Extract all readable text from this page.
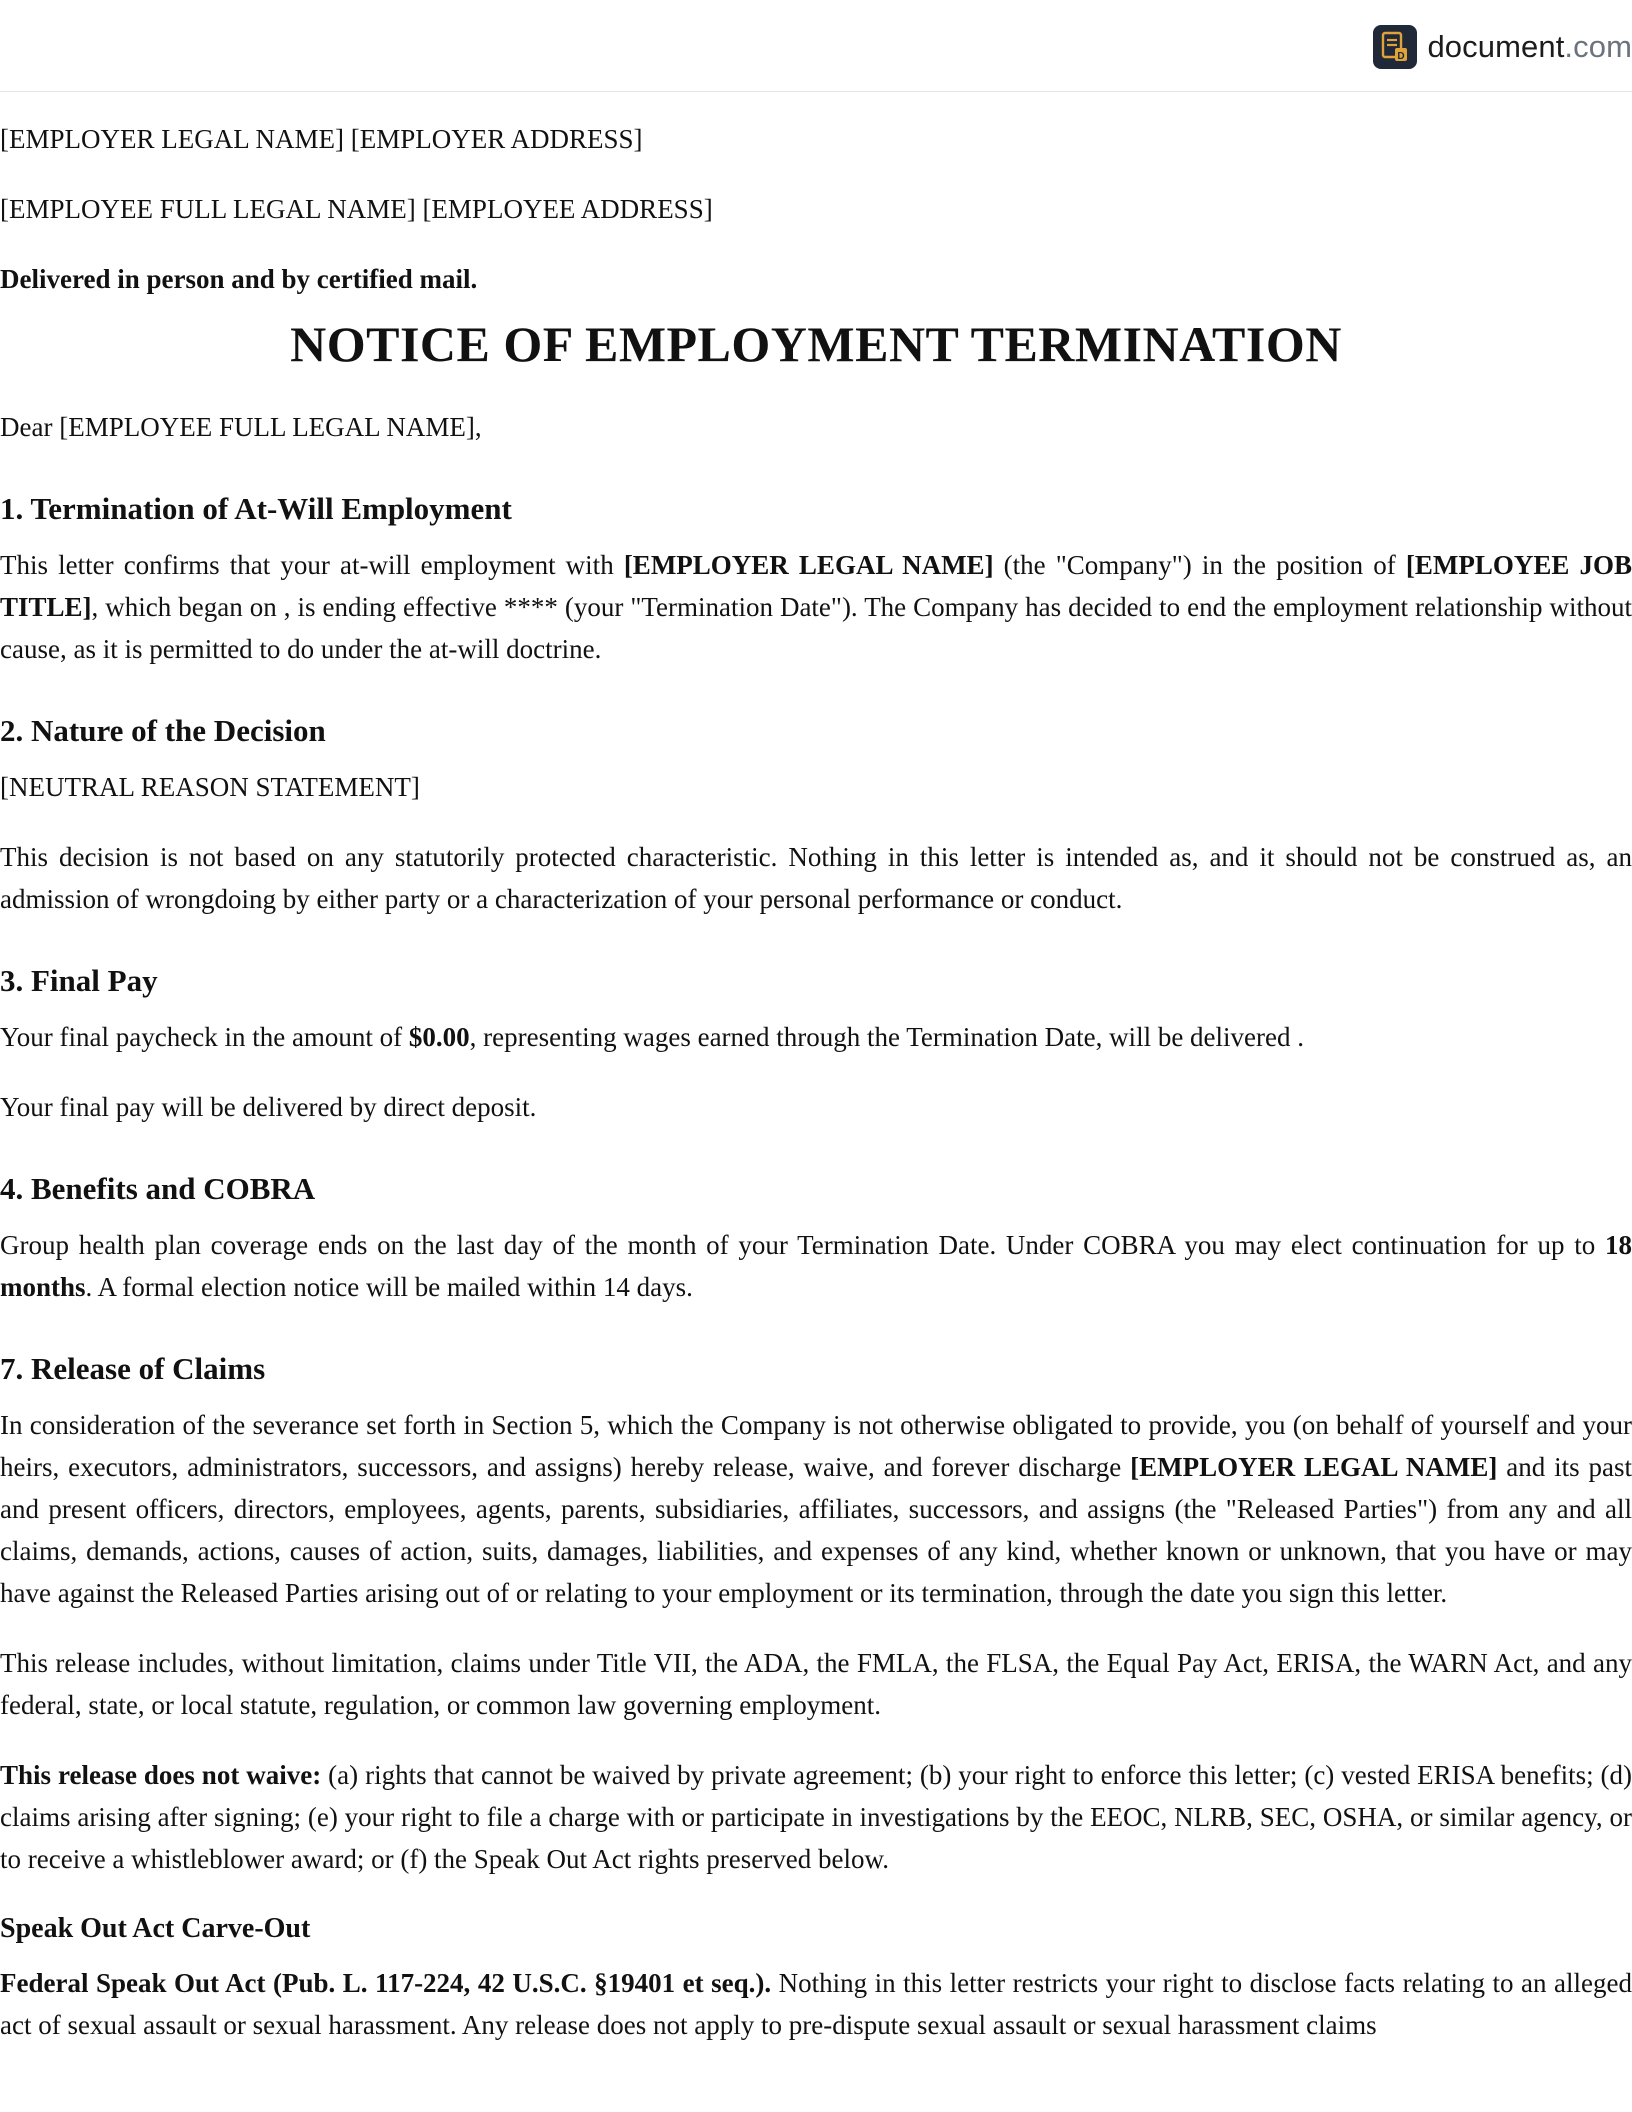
D document.com

[EMPLOYER LEGAL NAME] [EMPLOYER ADDRESS]

[EMPLOYEE FULL LEGAL NAME] [EMPLOYEE ADDRESS]

Delivered in person and by certified mail.

NOTICE OF EMPLOYMENT TERMINATION

Dear [EMPLOYEE FULL LEGAL NAME],

1. Termination of At-Will Employment

This letter confirms that your at-will employment with [EMPLOYER LEGAL NAME] (the "Company") in the position of [EMPLOYEE JOB TITLE], which began on , is ending effective **** (your "Termination Date"). The Company has decided to end the employment relationship without cause, as it is permitted to do under the at-will doctrine.

2. Nature of the Decision

[NEUTRAL REASON STATEMENT]

This decision is not based on any statutorily protected characteristic. Nothing in this letter is intended as, and it should not be construed as, an admission of wrongdoing by either party or a characterization of your personal performance or conduct.

3. Final Pay

Your final paycheck in the amount of $0.00, representing wages earned through the Termination Date, will be delivered .

Your final pay will be delivered by direct deposit.

4. Benefits and COBRA

Group health plan coverage ends on the last day of the month of your Termination Date. Under COBRA you may elect continuation for up to 18 months. A formal election notice will be mailed within 14 days.

7. Release of Claims

In consideration of the severance set forth in Section 5, which the Company is not otherwise obligated to provide, you (on behalf of yourself and your heirs, executors, administrators, successors, and assigns) hereby release, waive, and forever discharge [EMPLOYER LEGAL NAME] and its past and present officers, directors, employees, agents, parents, subsidiaries, affiliates, successors, and assigns (the "Released Parties") from any and all claims, demands, actions, causes of action, suits, damages, liabilities, and expenses of any kind, whether known or unknown, that you have or may have against the Released Parties arising out of or relating to your employment or its termination, through the date you sign this letter.

This release includes, without limitation, claims under Title VII, the ADA, the FMLA, the FLSA, the Equal Pay Act, ERISA, the WARN Act, and any federal, state, or local statute, regulation, or common law governing employment.

This release does not waive: (a) rights that cannot be waived by private agreement; (b) your right to enforce this letter; (c) vested ERISA benefits; (d) claims arising after signing; (e) your right to file a charge with or participate in investigations by the EEOC, NLRB, SEC, OSHA, or similar agency, or to receive a whistleblower award; or (f) the Speak Out Act rights preserved below.

Speak Out Act Carve-Out

Federal Speak Out Act (Pub. L. 117-224, 42 U.S.C. §19401 et seq.). Nothing in this letter restricts your right to disclose facts relating to an alleged act of sexual assault or sexual harassment. Any release does not apply to pre-dispute sexual assault or sexual harassment claims
